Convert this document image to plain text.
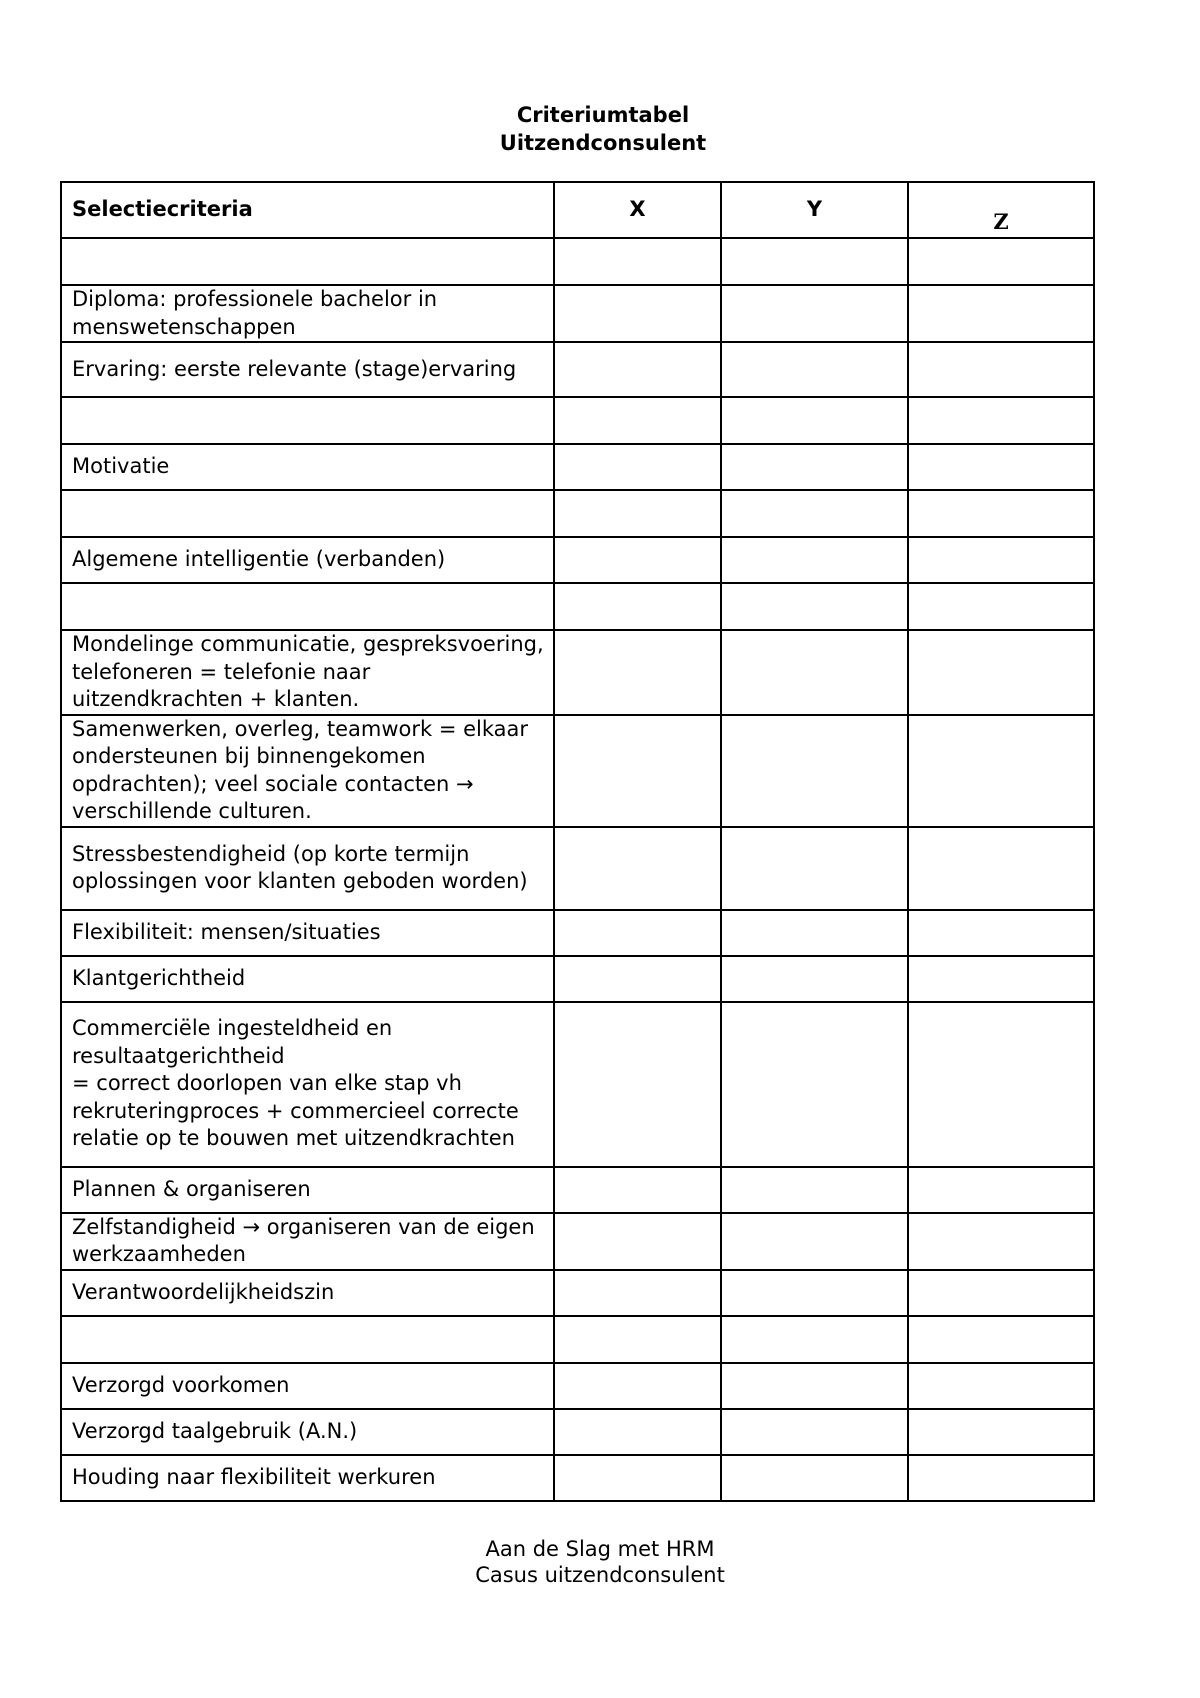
Criteriumtabel
Uitzendconsulent
Selectiecriteria	X	Y	Z

Diploma: professionele bachelor in menswetenschappen			
Ervaring: eerste relevante (stage)ervaring			

Motivatie			

Algemene intelligentie (verbanden)			

Mondelinge communicatie, gespreksvoering, telefoneren = telefonie naar uitzendkrachten + klanten.			
Samenwerken, overleg, teamwork = elkaar ondersteunen bij binnengekomen opdrachten); veel sociale contacten → verschillende culturen.			
Stressbestendigheid (op korte termijn oplossingen voor klanten geboden worden)			
Flexibiliteit: mensen/situaties			
Klantgerichtheid			
Commerciële ingesteldheid en resultaatgerichtheid
= correct doorlopen van elke stap vh rekruteringproces + commercieel correcte relatie op te bouwen met uitzendkrachten			
Plannen & organiseren			
Zelfstandigheid → organiseren van de eigen werkzaamheden			
Verantwoordelijkheidszin			

Verzorgd voorkomen			
Verzorgd taalgebruik (A.N.)			
Houding naar flexibiliteit werkuren			
Aan de Slag met HRM
Casus uitzendconsulent
